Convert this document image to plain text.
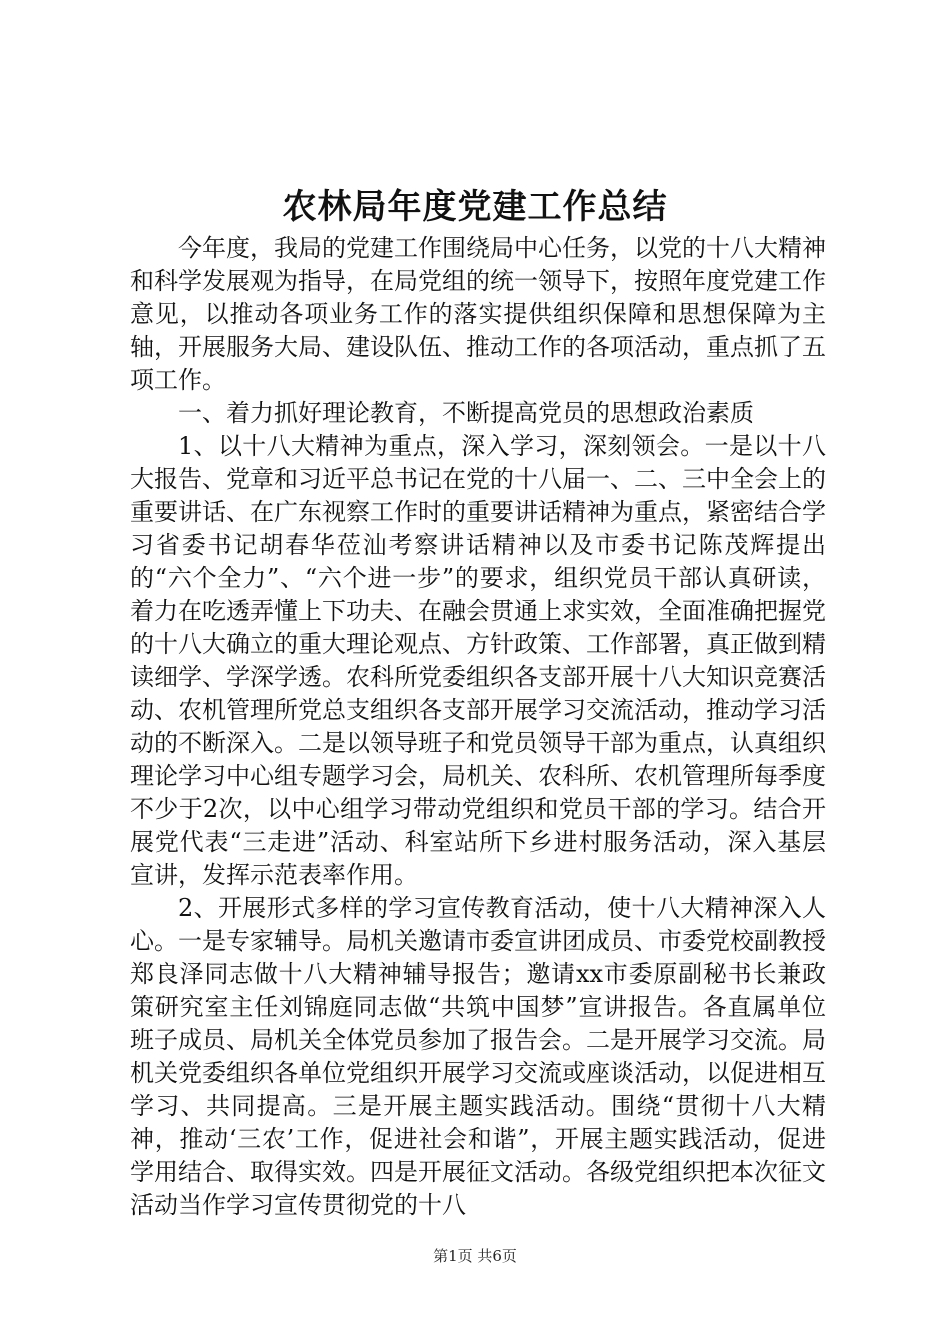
农林局年度党建工作总结

今年度，我局的党建工作围绕局中心任务，以党的十八大精神和科学发展观为指导，在局党组的统一领导下，按照年度党建工作意见，以推动各项业务工作的落实提供组织保障和思想保障为主轴，开展服务大局、建设队伍、推动工作的各项活动，重点抓了五项工作。

一、着力抓好理论教育，不断提高党员的思想政治素质

1、以十八大精神为重点，深入学习，深刻领会。一是以十八大报告、党章和习近平总书记在党的十八届一、二、三中全会上的重要讲话、在广东视察工作时的重要讲话精神为重点，紧密结合学习省委书记胡春华莅汕考察讲话精神以及市委书记陈茂辉提出的“六个全力”、“六个进一步”的要求，组织党员干部认真研读，着力在吃透弄懂上下功夫、在融会贯通上求实效，全面准确把握党的十八大确立的重大理论观点、方针政策、工作部署，真正做到精读细学、学深学透。农科所党委组织各支部开展十八大知识竞赛活动、农机管理所党总支组织各支部开展学习交流活动，推动学习活动的不断深入。二是以领导班子和党员领导干部为重点，认真组织理论学习中心组专题学习会，局机关、农科所、农机管理所每季度不少于2次，以中心组学习带动党组织和党员干部的学习。结合开展党代表“三走进”活动、科室站所下乡进村服务活动，深入基层宣讲，发挥示范表率作用。

2、开展形式多样的学习宣传教育活动，使十八大精神深入人心。一是专家辅导。局机关邀请市委宣讲团成员、市委党校副教授郑良泽同志做十八大精神辅导报告；邀请xx市委原副秘书长兼政策研究室主任刘锦庭同志做“共筑中国梦”宣讲报告。各直属单位班子成员、局机关全体党员参加了报告会。二是开展学习交流。局机关党委组织各单位党组织开展学习交流或座谈活动，以促进相互学习、共同提高。三是开展主题实践活动。围绕“贯彻十八大精神，推动‘三农’工作，促进社会和谐”，开展主题实践活动，促进学用结合、取得实效。四是开展征文活动。各级党组织把本次征文活动当作学习宣传贯彻党的十八

第1页 共6页
